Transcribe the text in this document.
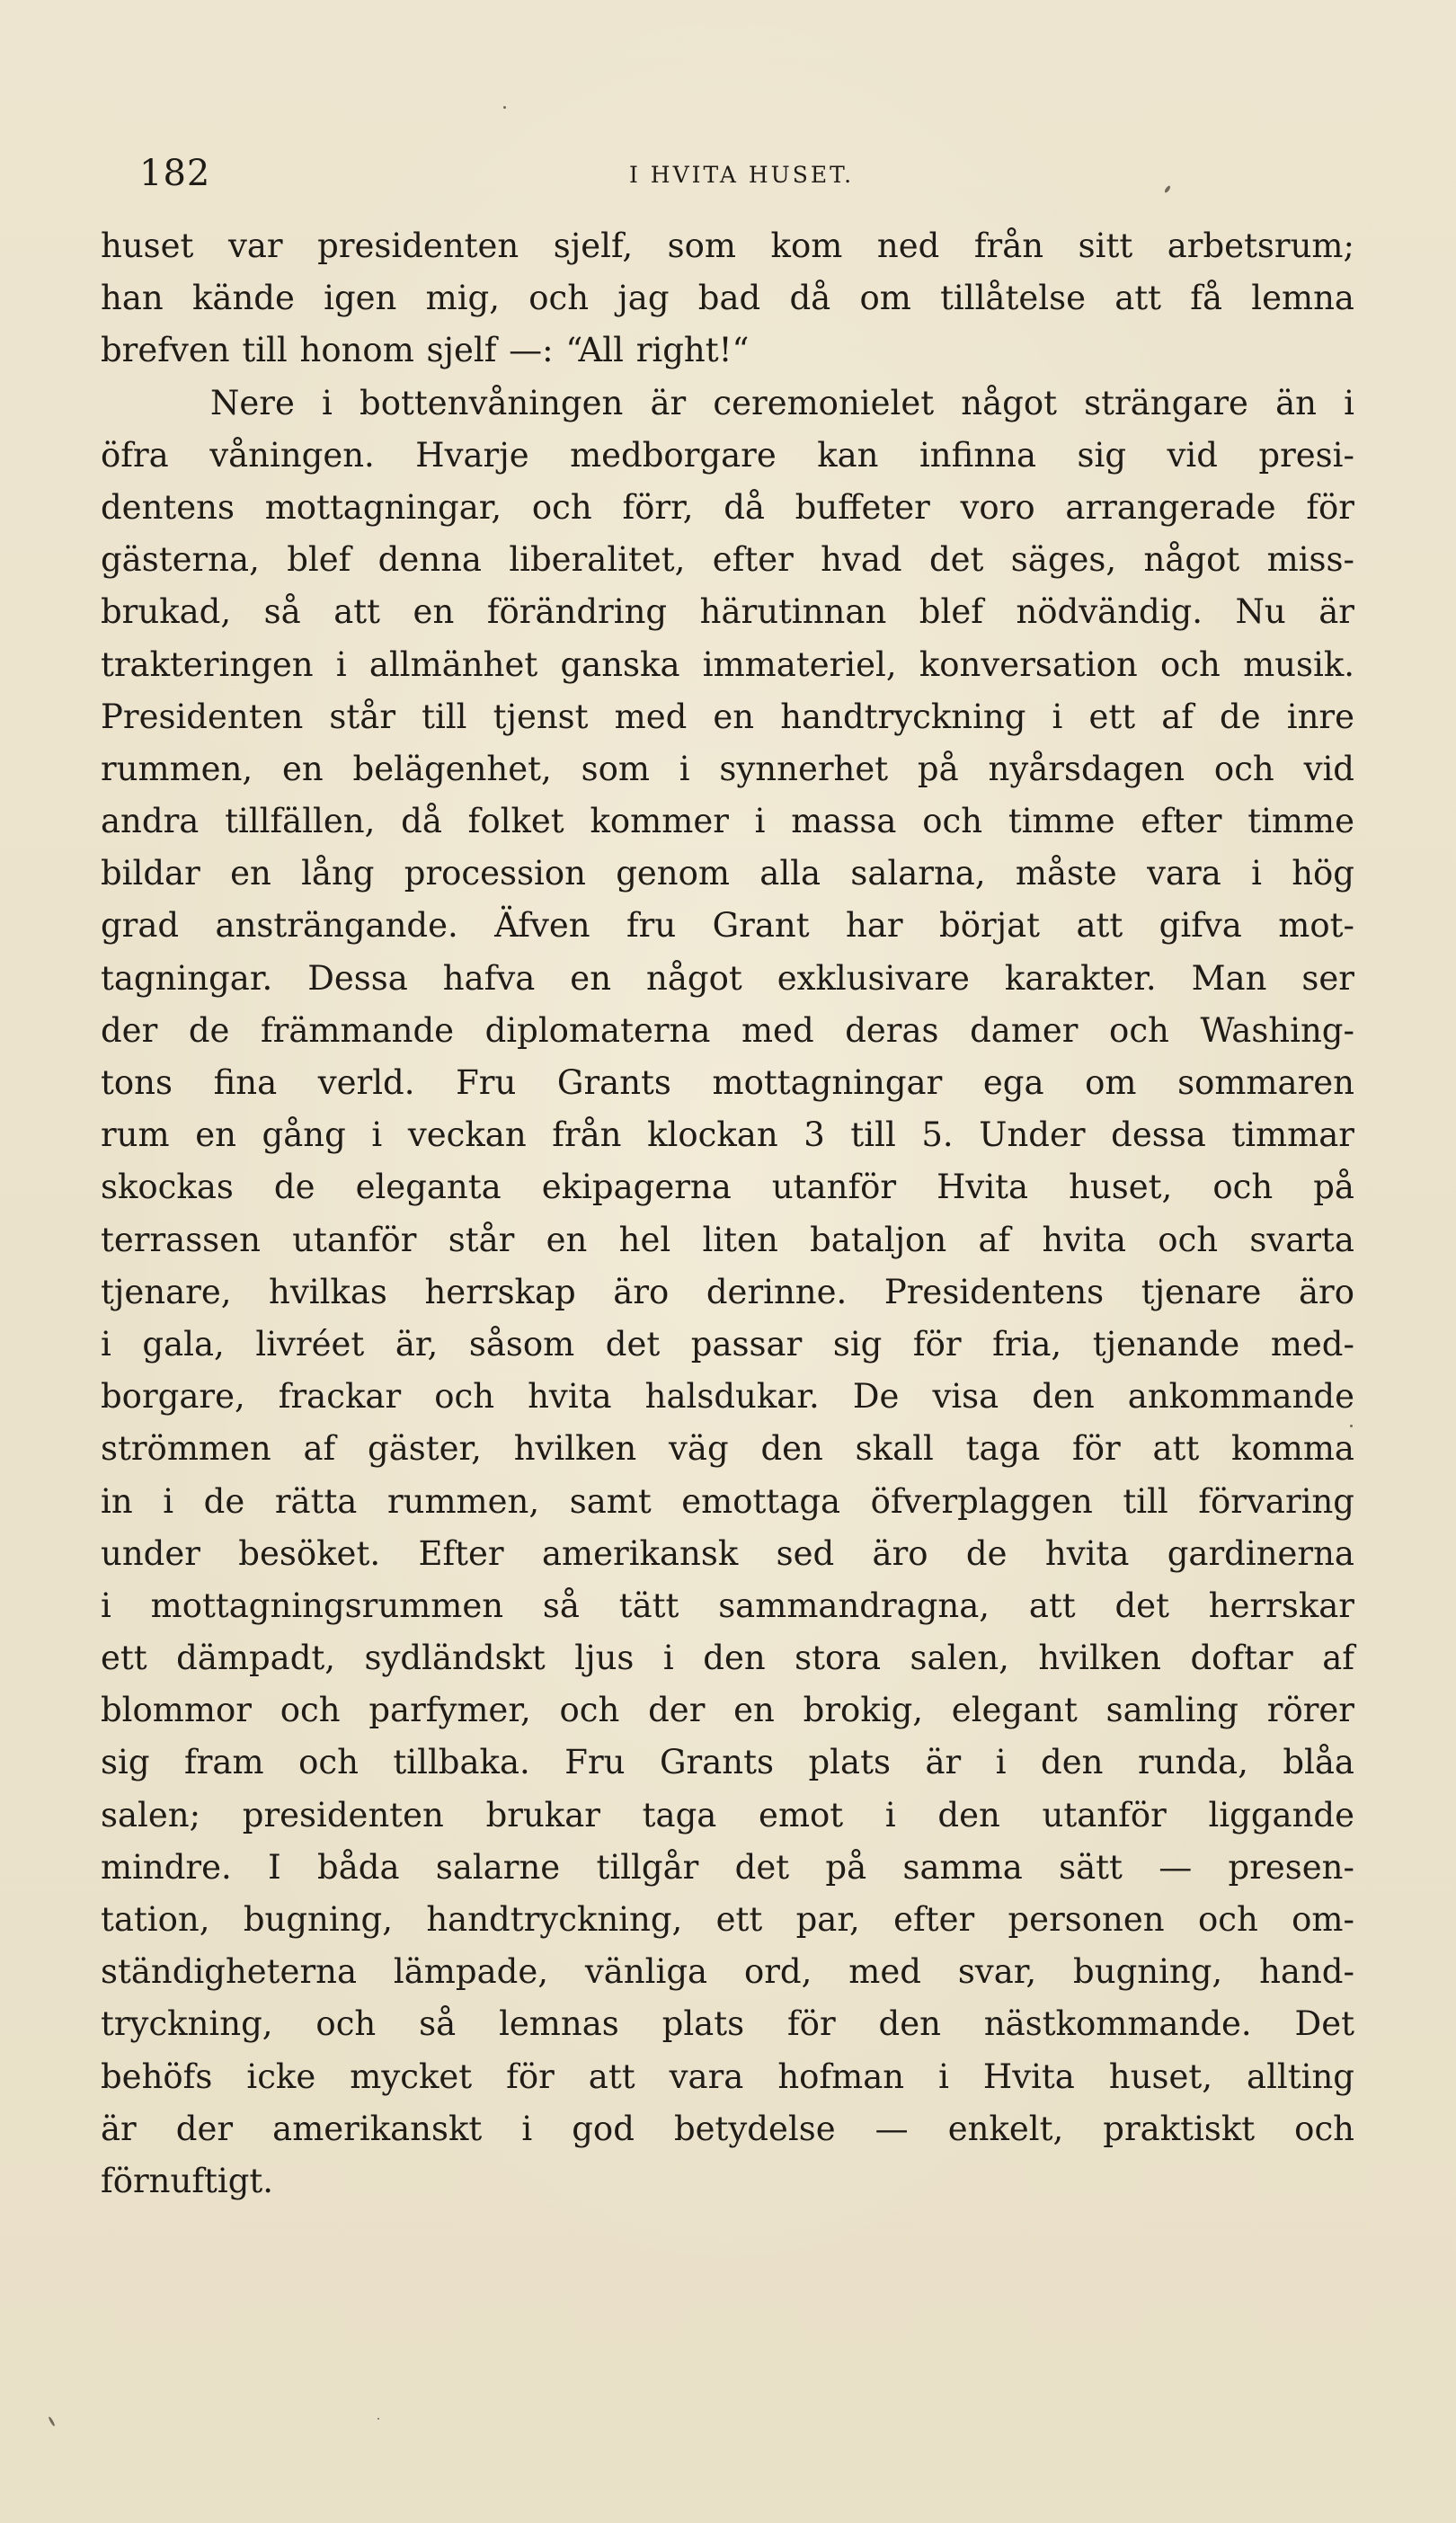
182	I HVITA HUSET.
huset var presidenten sjelf, som kom ned från sitt arbetsrum;
han kände igen mig, och jag bad då om tillåtelse att få lemna
brefven till honom sjelf —: “All right!“
Nere i bottenvåningen är ceremonielet något strängare än i
öfra våningen. Hvarje medborgare kan infinna sig vid presi-
dentens mottagningar, och förr, då buffeter voro arrangerade för
gästerna, blef denna liberalitet, efter hvad det säges, något miss-
brukad, så att en förändring härutinnan blef nödvändig. Nu är
trakteringen i allmänhet ganska immateriel, konversation och musik.
Presidenten står till tjenst med en handtryckning i ett af de inre
rummen, en belägenhet, som i synnerhet på nyårsdagen och vid
andra tillfällen, då folket kommer i massa och timme efter timme
bildar en lång procession genom alla salarna, måste vara i hög
grad ansträngande. Äfven fru Grant har börjat att gifva mot-
tagningar. Dessa hafva en något exklusivare karakter. Man ser
der de främmande diplomaterna med deras damer och Washing-
tons fina verld. Fru Grants mottagningar ega om sommaren
rum en gång i veckan från klockan 3 till 5. Under dessa timmar
skockas de eleganta ekipagerna utanför Hvita huset, och på
terrassen utanför står en hel liten bataljon af hvita och svarta
tjenare, hvilkas herrskap äro derinne. Presidentens tjenare äro
i gala, livréet är, såsom det passar sig för fria, tjenande med-
borgare, frackar och hvita halsdukar. De visa den ankommande
strömmen af gäster, hvilken väg den skall taga för att komma
in i de rätta rummen, samt emottaga öfverplaggen till förvaring
under besöket. Efter amerikansk sed äro de hvita gardinerna
i mottagningsrummen så tätt sammandragna, att det herrskar
ett dämpadt, sydländskt ljus i den stora salen, hvilken doftar af
blommor och parfymer, och der en brokig, elegant samling rörer
sig fram och tillbaka. Fru Grants plats är i den runda, blåa
salen; presidenten brukar taga emot i den utanför liggande
mindre. I båda salarne tillgår det på samma sätt — presen-
tation, bugning, handtryckning, ett par, efter personen och om-
ständigheterna lämpade, vänliga ord, med svar, bugning, hand-
tryckning, och så lemnas plats för den nästkommande. Det
behöfs icke mycket för att vara hofman i Hvita huset, allting
är der amerikanskt i god betydelse — enkelt, praktiskt och
förnuftigt.
